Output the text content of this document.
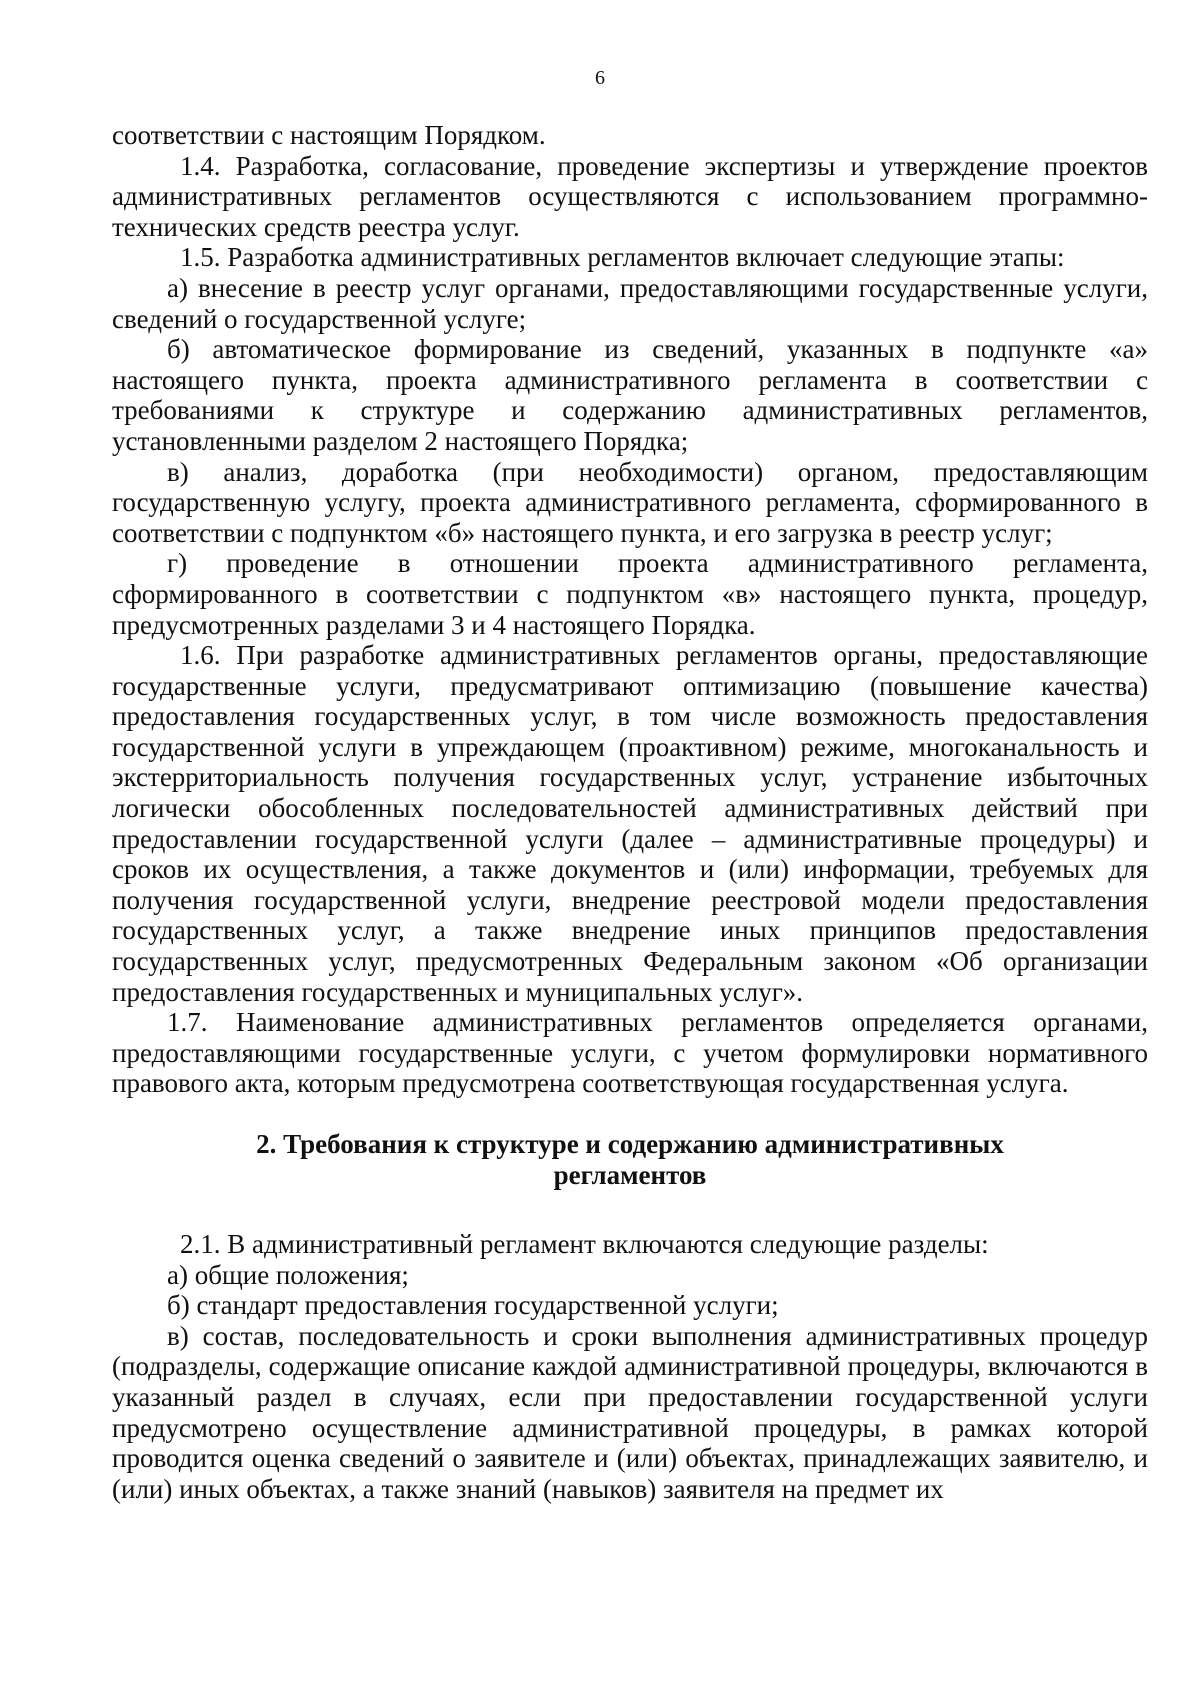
6

соответствии с настоящим Порядком.

1.4. Разработка, согласование, проведение экспертизы и утверждение проектов административных регламентов осуществляются с использованием программно-технических средств реестра услуг.

1.5. Разработка административных регламентов включает следующие этапы:

а) внесение в реестр услуг органами, предоставляющими государственные услуги, сведений о государственной услуге;

б) автоматическое формирование из сведений, указанных в подпункте «а» настоящего пункта, проекта административного регламента в соответствии с требованиями к структуре и содержанию административных регламентов, установленными разделом 2 настоящего Порядка;

в) анализ, доработка (при необходимости) органом, предоставляющим государственную услугу, проекта административного регламента, сформированного в соответствии с подпунктом «б» настоящего пункта, и его загрузка в реестр услуг;

г) проведение в отношении проекта административного регламента, сформированного в соответствии с подпунктом «в» настоящего пункта, процедур, предусмотренных разделами 3 и 4 настоящего Порядка.

1.6. При разработке административных регламентов органы, предоставляющие государственные услуги, предусматривают оптимизацию (повышение качества) предоставления государственных услуг, в том числе возможность предоставления государственной услуги в упреждающем (проактивном) режиме, многоканальность и экстерриториальность получения государственных услуг, устранение избыточных логически обособленных последовательностей административных действий при предоставлении государственной услуги (далее – административные процедуры) и сроков их осуществления, а также документов и (или) информации, требуемых для получения государственной услуги, внедрение реестровой модели предоставления государственных услуг, а также внедрение иных принципов предоставления государственных услуг, предусмотренных Федеральным законом «Об организации предоставления государственных и муниципальных услуг».

1.7. Наименование административных регламентов определяется органами, предоставляющими государственные услуги, с учетом формулировки нормативного правового акта, которым предусмотрена соответствующая государственная услуга.

2. Требования к структуре и содержанию административных регламентов

2.1. В административный регламент включаются следующие разделы:

а) общие положения;

б) стандарт предоставления государственной услуги;

в) состав, последовательность и сроки выполнения административных процедур (подразделы, содержащие описание каждой административной процедуры, включаются в указанный раздел в случаях, если при предоставлении государственной услуги предусмотрено осуществление административной процедуры, в рамках которой проводится оценка сведений о заявителе и (или) объектах, принадлежащих заявителю, и (или) иных объектах, а также знаний (навыков) заявителя на предмет их
